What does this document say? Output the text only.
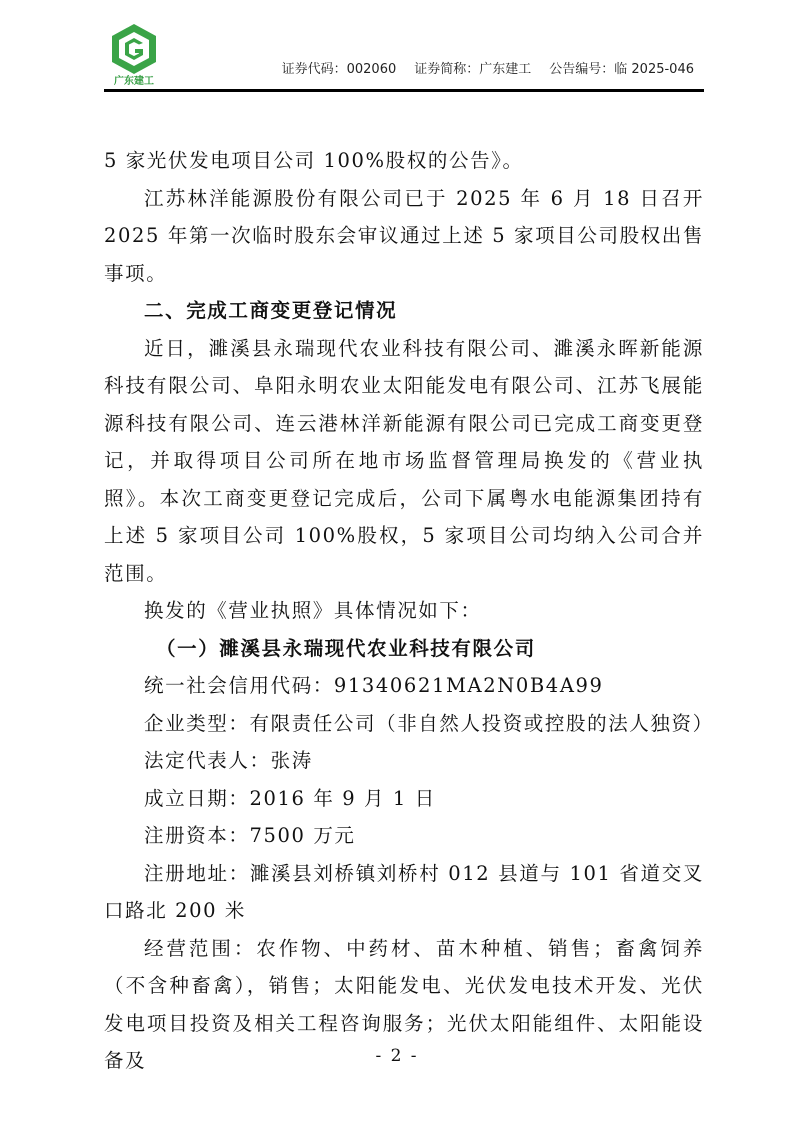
广东建工
证券代码：002060 证券简称：广东建工 公告编号：临 2025-046

5 家光伏发电项目公司 100%股权的公告》。

江苏林洋能源股份有限公司已于 2025 年 6 月 18 日召开 2025 年第一次临时股东会审议通过上述 5 家项目公司股权出售事项。

二、完成工商变更登记情况

近日，濉溪县永瑞现代农业科技有限公司、濉溪永晖新能源科技有限公司、阜阳永明农业太阳能发电有限公司、江苏飞展能源科技有限公司、连云港林洋新能源有限公司已完成工商变更登记，并取得项目公司所在地市场监督管理局换发的《营业执照》。本次工商变更登记完成后，公司下属粤水电能源集团持有上述 5 家项目公司 100%股权，5 家项目公司均纳入公司合并范围。

换发的《营业执照》具体情况如下：

（一）濉溪县永瑞现代农业科技有限公司

统一社会信用代码：91340621MA2N0B4A99

企业类型：有限责任公司（非自然人投资或控股的法人独资）

法定代表人：张涛

成立日期：2016 年 9 月 1 日

注册资本：7500 万元

注册地址：濉溪县刘桥镇刘桥村 012 县道与 101 省道交叉口路北 200 米

经营范围：农作物、中药材、苗木种植、销售；畜禽饲养（不含种畜禽），销售；太阳能发电、光伏发电技术开发、光伏发电项目投资及相关工程咨询服务；光伏太阳能组件、太阳能设备及	- 2 -
